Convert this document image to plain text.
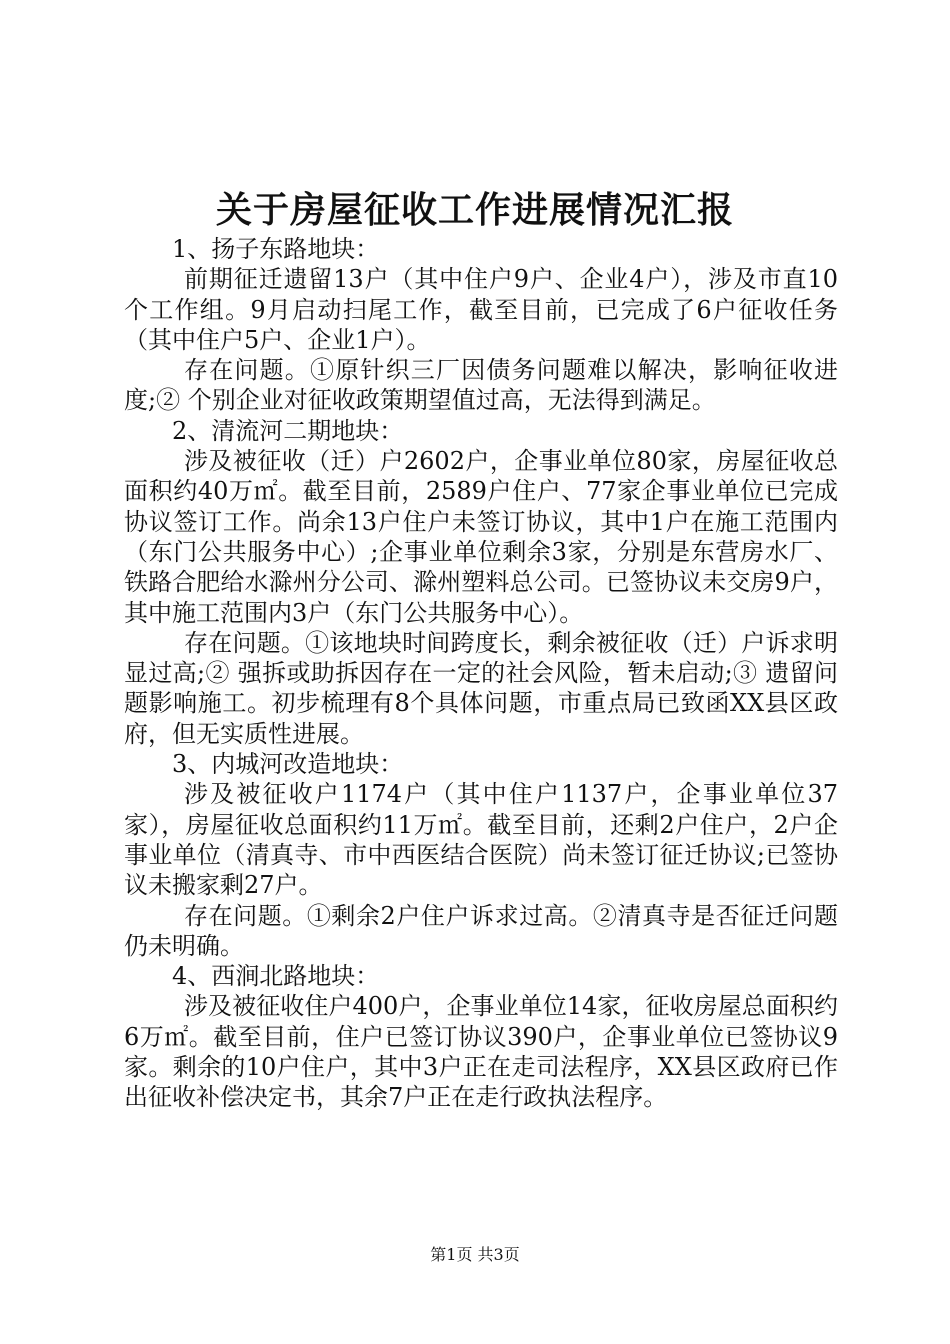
关于房屋征收工作进展情况汇报

1、扬子东路地块：

前期征迁遗留13户（其中住户9户、企业4户），涉及市直10个工作组。9月启动扫尾工作，截至目前，已完成了6户征收任务（其中住户5户、企业1户）。

存在问题。①原针织三厂因债务问题难以解决，影响征收进度;② 个别企业对征收政策期望值过高，无法得到满足。

2、清流河二期地块：

涉及被征收（迁）户2602户，企事业单位80家，房屋征收总面积约40万㎡。截至目前，2589户住户、77家企事业单位已完成协议签订工作。尚余13户住户未签订协议，其中1户在施工范围内（东门公共服务中心）;企事业单位剩余3家，分别是东营房水厂、铁路合肥给水滁州分公司、滁州塑料总公司。已签协议未交房9户，其中施工范围内3户（东门公共服务中心）。

存在问题。①该地块时间跨度长，剩余被征收（迁）户诉求明显过高;② 强拆或助拆因存在一定的社会风险，暂未启动;③ 遗留问题影响施工。初步梳理有8个具体问题，市重点局已致函XX县区政府，但无实质性进展。

3、内城河改造地块：

涉及被征收户1174户（其中住户1137户，企事业单位37家），房屋征收总面积约11万㎡。截至目前，还剩2户住户，2户企事业单位（清真寺、市中西医结合医院）尚未签订征迁协议;已签协议未搬家剩27户。

存在问题。①剩余2户住户诉求过高。②清真寺是否征迁问题仍未明确。

4、西涧北路地块：

涉及被征收住户400户，企事业单位14家，征收房屋总面积约6万㎡。截至目前，住户已签订协议390户，企事业单位已签协议9家。剩余的10户住户，其中3户正在走司法程序，XX县区政府已作出征收补偿决定书，其余7户正在走行政执法程序。

第1页 共3页
